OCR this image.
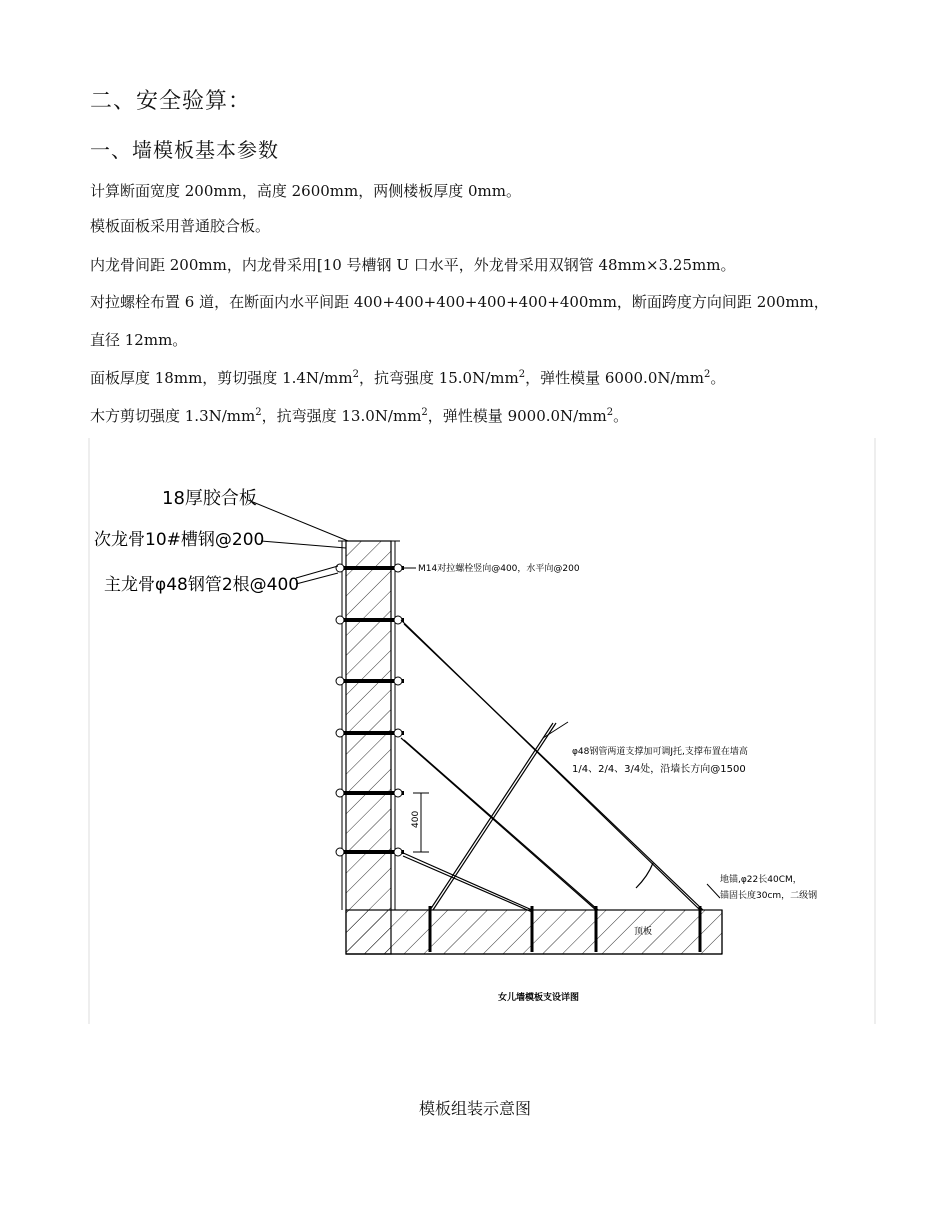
二、安全验算：
一、墙模板基本参数
计算断面宽度 200mm，高度 2600mm，两侧楼板厚度 0mm。
模板面板采用普通胶合板。
内龙骨间距 200mm，内龙骨采用[10 号槽钢 U 口水平，外龙骨采用双钢管 48mm×3.25mm。
对拉螺栓布置 6 道，在断面内水平间距 400+400+400+400+400+400mm，断面跨度方向间距 200mm，
直径 12mm。
面板厚度 18mm，剪切强度 $1.4N/mm^2$，抗弯强度 $15.0N/mm^2$，弹性模量 $6000.0N/mm^2$。
木方剪切强度 $1.3N/mm^2$，抗弯强度 $13.0N/mm^2$，弹性模量 $9000.0N/mm^2$。
400
18厚胶合板
次龙骨10#槽钢@200
主龙骨φ48钢管2根@400
M14对拉螺栓竖向@400，水平向@200
φ48钢管两道支撑加可调J托,支撑布置在墙高
1/4、2/4、3/4处，沿墙长方向@1500
地锚,φ22长40CM，
锚固长度30cm，二级钢
顶板
女儿墙模板支设详图
模板组装示意图
